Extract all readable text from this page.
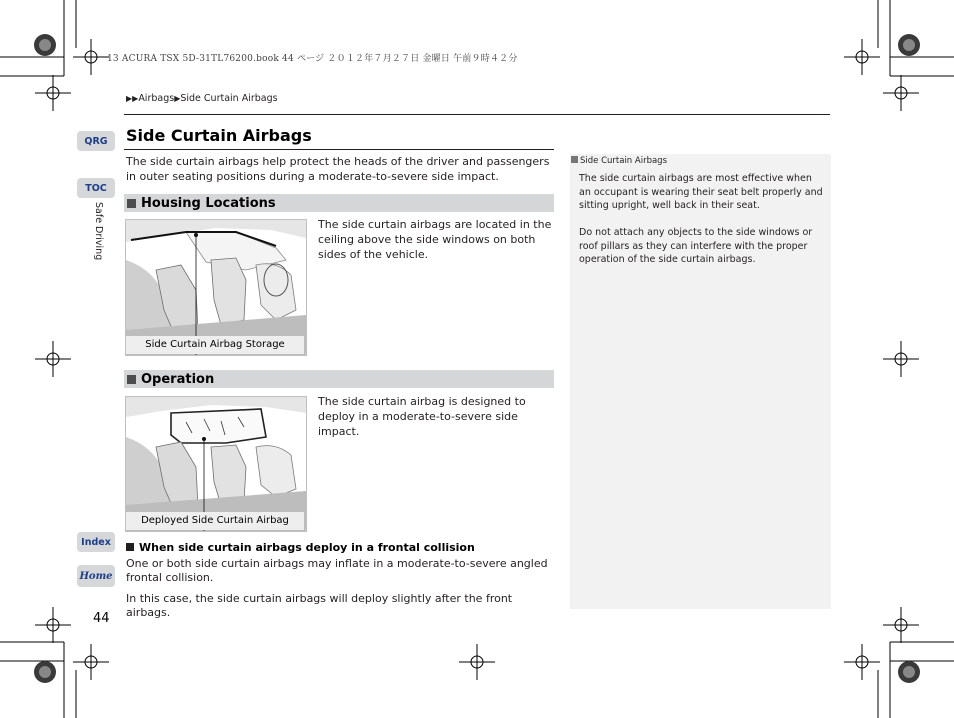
13 ACURA TSX 5D-31TL76200.book 44 ページ ２０１２年７月２７日 金曜日 午前９時４２分
▶▶Airbags▶Side Curtain Airbags
QRG
TOC
Safe Driving
Index
Home
44
Side Curtain Airbags
The side curtain airbags help protect the heads of the driver and passengers in outer seating positions during a moderate-to-severe side impact.
Housing Locations
Side Curtain Airbag Storage
The side curtain airbags are located in the ceiling above the side windows on both sides of the vehicle.
Operation
Deployed Side Curtain Airbag
The side curtain airbag is designed to deploy in a moderate-to-severe side impact.
When side curtain airbags deploy in a frontal collision
One or both side curtain airbags may inflate in a moderate-to-severe angled frontal collision.
In this case, the side curtain airbags will deploy slightly after the front airbags.
Side Curtain Airbags
The side curtain airbags are most effective when an occupant is wearing their seat belt properly and sitting upright, well back in their seat.
Do not attach any objects to the side windows or roof pillars as they can interfere with the proper operation of the side curtain airbags.
